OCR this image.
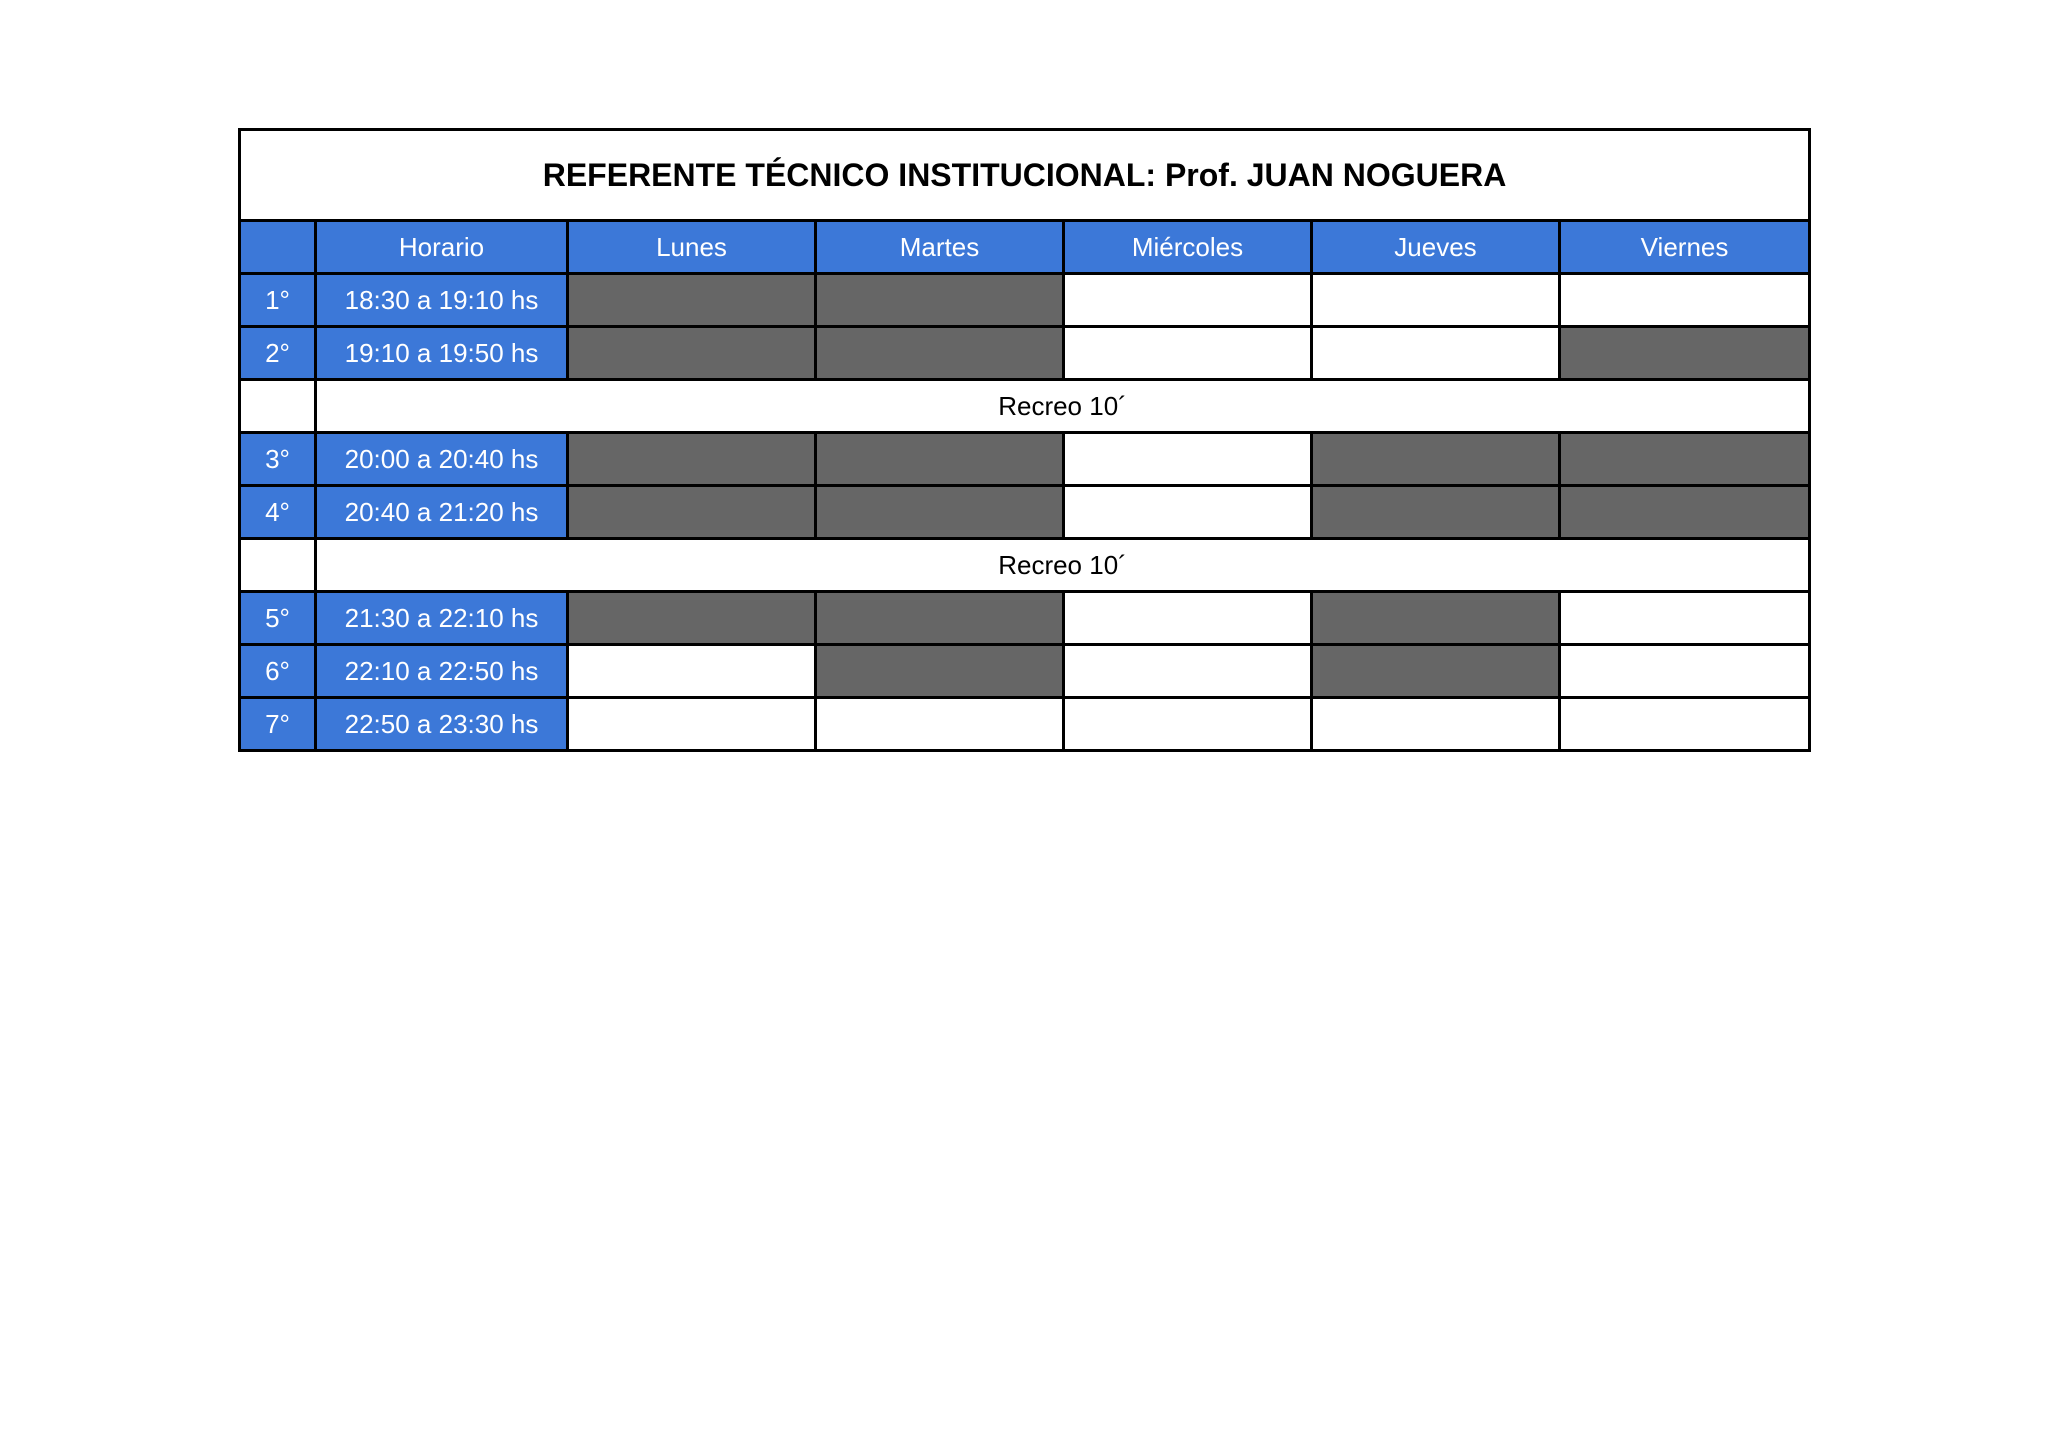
REFERENTE TÉCNICO INSTITUCIONAL: Prof. JUAN NOGUERA						
	Horario	Lunes	Martes	Miércoles	Jueves	Viernes
1°	18:30 a 19:10 hs					
2°	19:10 a 19:50 hs					
	Recreo 10´					
3°	20:00 a 20:40 hs					
4°	20:40 a 21:20 hs					
	Recreo 10´					
5°	21:30 a 22:10 hs					
6°	22:10 a 22:50 hs					
7°	22:50 a 23:30 hs					
